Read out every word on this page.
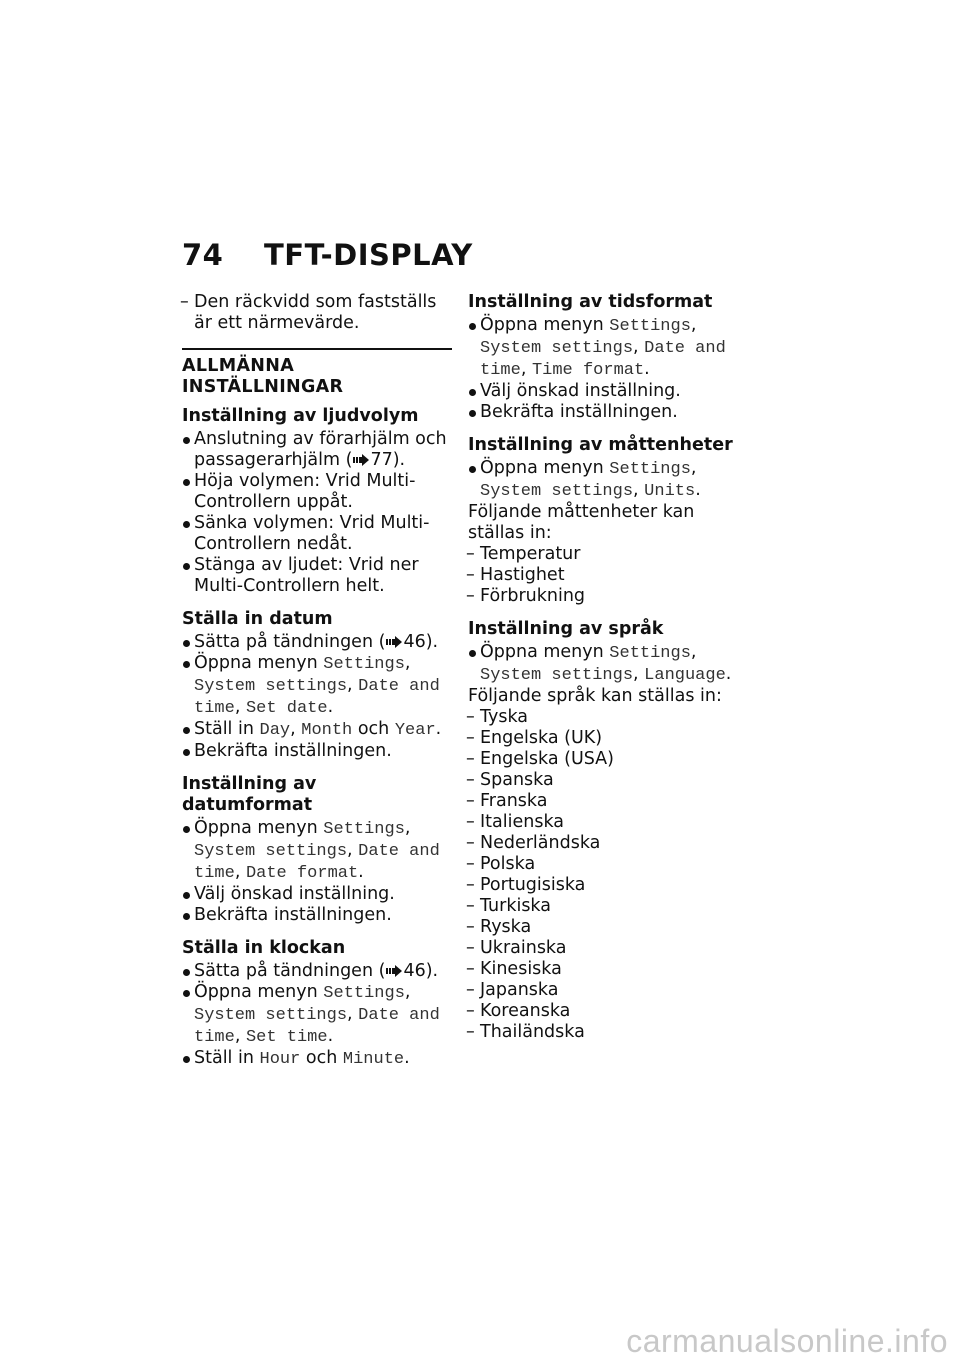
74	TFT-DISPLAY
– Den räckvidd som fastställs är ett närmevärde.
ALLMÄNNA INSTÄLLNINGAR
Inställning av ljudvolym
Anslutning av förarhjälm och passagerarhjälm ( 77).
Höja volymen: Vrid Multi-Controllern uppåt.
Sänka volymen: Vrid Multi-Controllern nedåt.
Stänga av ljudet: Vrid ner Multi-Controllern helt.
Ställa in datum
Sätta på tändningen ( 46).
Öppna menyn Settings, System settings, Date and time, Set date.
Ställ in Day, Month och Year.
Bekräfta inställningen.
Inställning av datumformat
Öppna menyn Settings, System settings, Date and time, Date format.
Välj önskad inställning.
Bekräfta inställningen.
Ställa in klockan
Sätta på tändningen ( 46).
Öppna menyn Settings, System settings, Date and time, Set time.
Ställ in Hour och Minute.
Inställning av tidsformat
Öppna menyn Settings, System settings, Date and time, Time format.
Välj önskad inställning.
Bekräfta inställningen.
Inställning av måttenheter
Öppna menyn Settings, System settings, Units.
Följande måttenheter kan ställas in:
– Temperatur
– Hastighet
– Förbrukning
Inställning av språk
Öppna menyn Settings, System settings, Language.
Följande språk kan ställas in:
– Tyska
– Engelska (UK)
– Engelska (USA)
– Spanska
– Franska
– Italienska
– Nederländska
– Polska
– Portugisiska
– Turkiska
– Ryska
– Ukrainska
– Kinesiska
– Japanska
– Koreanska
– Thailändska
carmanualsonline.info
